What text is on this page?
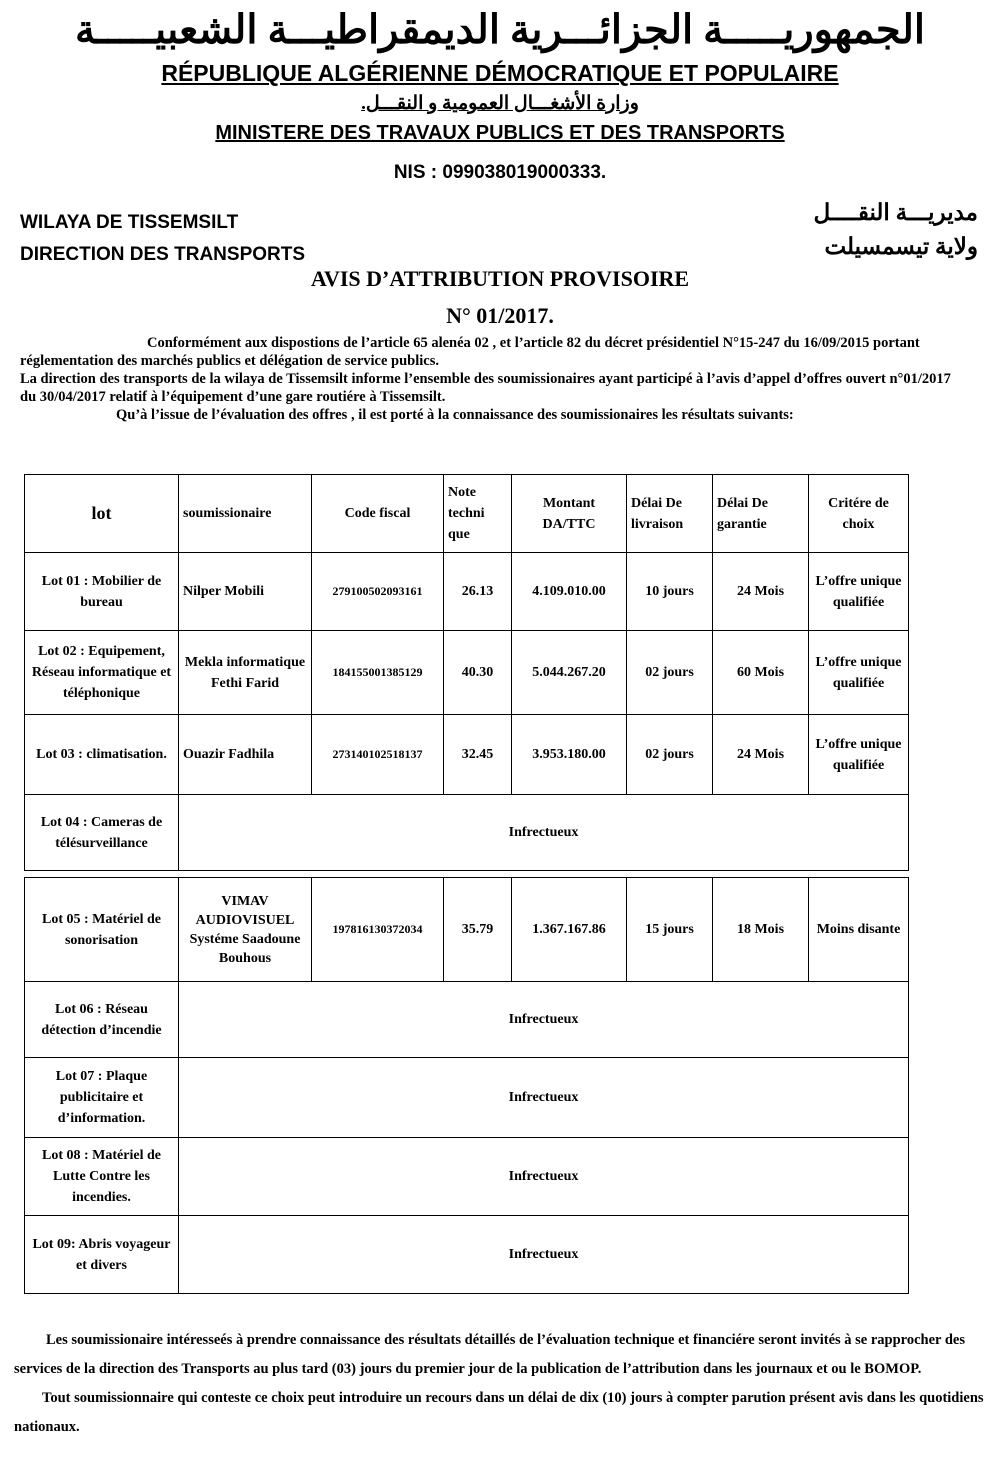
الجمهوريـــــة الجزائـــرية الديمقراطيـــة الشعبيـــــة
RÉPUBLIQUE ALGÉRIENNE DÉMOCRATIQUE ET POPULAIRE
وزارة الأشغـــال العمومية و النقـــل.
MINISTERE DES TRAVAUX PUBLICS ET DES TRANSPORTS
NIS : 099038019000333.
WILAYA DE TISSEMSILT
DIRECTION DES TRANSPORTS
مديريـــة النقــــل
ولاية تيسمسيلت
AVIS D’ATTRIBUTION PROVISOIRE
N° 01/2017.

Conformément aux dispostions de l’article 65 alenéa 02 , et l’article 82 du décret présidentiel N°15-247 du 16/09/2015 portant réglementation des marchés publics et délégation de service publics.

La direction des transports de la wilaya de Tissemsilt informe l’ensemble des soumissionaires ayant participé à l’avis d’appel d’offres ouvert n°01/2017 du 30/04/2017 relatif à l’équipement d’une gare routiére à Tissemsilt.

Qu’à l’issue de l’évaluation des offres , il est porté à la connaissance des soumissionaires les résultats suivants:

lot	soumissionaire	Code fiscal	Note techni que	Montant DA/TTC	Délai De livraison	Délai De garantie	Critére de choix
Lot 01 : Mobilier de bureau	Nilper Mobili	279100502093161	26.13	4.109.010.00	10 jours	24 Mois	L’offre unique qualifiée
Lot 02 : Equipement, Réseau informatique et téléphonique	Mekla informatique Fethi Farid	184155001385129	40.30	5.044.267.20	02 jours	60 Mois	L’offre unique qualifiée
Lot 03 : climatisation.	Ouazir Fadhila	273140102518137	32.45	3.953.180.00	02 jours	24 Mois	L’offre unique qualifiée
Lot 04 : Cameras de télésurveillance	Infrectueux						

Lot 05 : Matériel de sonorisation	VIMAV AUDIOVISUEL Systéme Saadoune Bouhous	197816130372034	35.79	1.367.167.86	15 jours	18 Mois	Moins disante
Lot 06 : Réseau détection d’incendie	Infrectueux						
Lot 07 : Plaque publicitaire et d’information.	Infrectueux						
Lot 08 : Matériel de Lutte Contre les incendies.	Infrectueux						
Lot 09: Abris voyageur et divers	Infrectueux						

Les soumissionaire intéresseés à prendre connaissance des résultats détaillés de l’évaluation technique et financiére seront invités à se rapprocher des services de la direction des Transports au plus tard (03) jours du premier jour de la publication de l’attribution dans les journaux et ou le BOMOP.

Tout soumissionnaire qui conteste ce choix peut introduire un recours dans un délai de dix (10) jours à compter parution présent avis dans les quotidiens nationaux.
